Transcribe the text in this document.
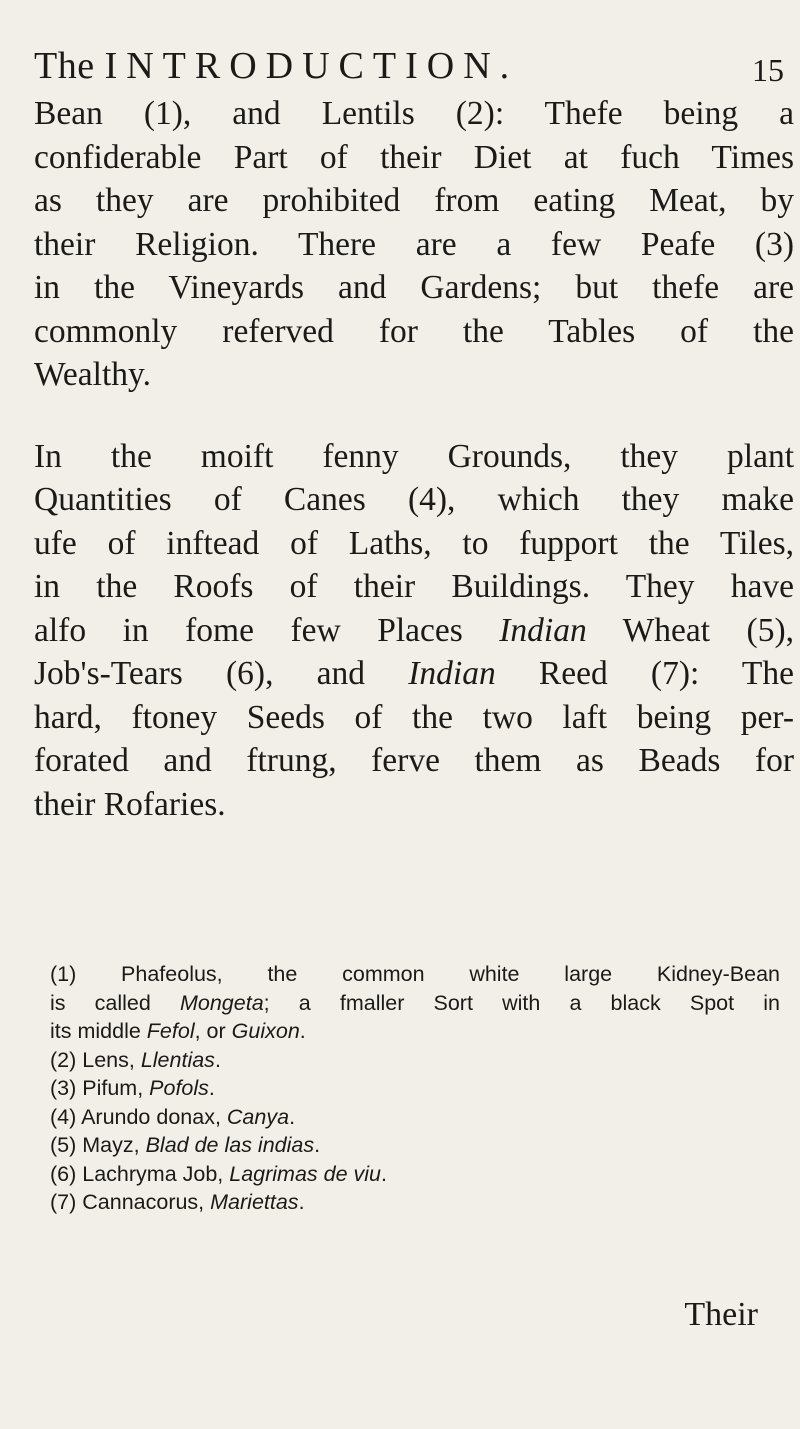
The INTRODUCTION.	15
Bean (1), and Lentils (2): Thefe being a
confiderable Part of their Diet at fuch Times
as they are prohibited from eating Meat, by
their Religion. There are a few Peafe (3)
in the Vineyards and Gardens; but thefe are
commonly referved for the Tables of the
Wealthy.
In the moift fenny Grounds, they plant
Quantities of Canes (4), which they make
ufe of inftead of Laths, to fupport the Tiles,
in the Roofs of their Buildings. They have
alfo in fome few Places Indian Wheat (5),
Job's-Tears (6), and Indian Reed (7): The
hard, ftoney Seeds of the two laft being per-
forated and ftrung, ferve them as Beads for
their Rofaries.
(1) Phafeolus, the common white large Kidney-Bean
is called Mongeta; a fmaller Sort with a black Spot in
its middle Fefol, or Guixon.
(2) Lens, Llentias.
(3) Pifum, Pofols.
(4) Arundo donax, Canya.
(5) Mayz, Blad de las indias.
(6) Lachryma Job, Lagrimas de viu.
(7) Cannacorus, Mariettas.
Their
